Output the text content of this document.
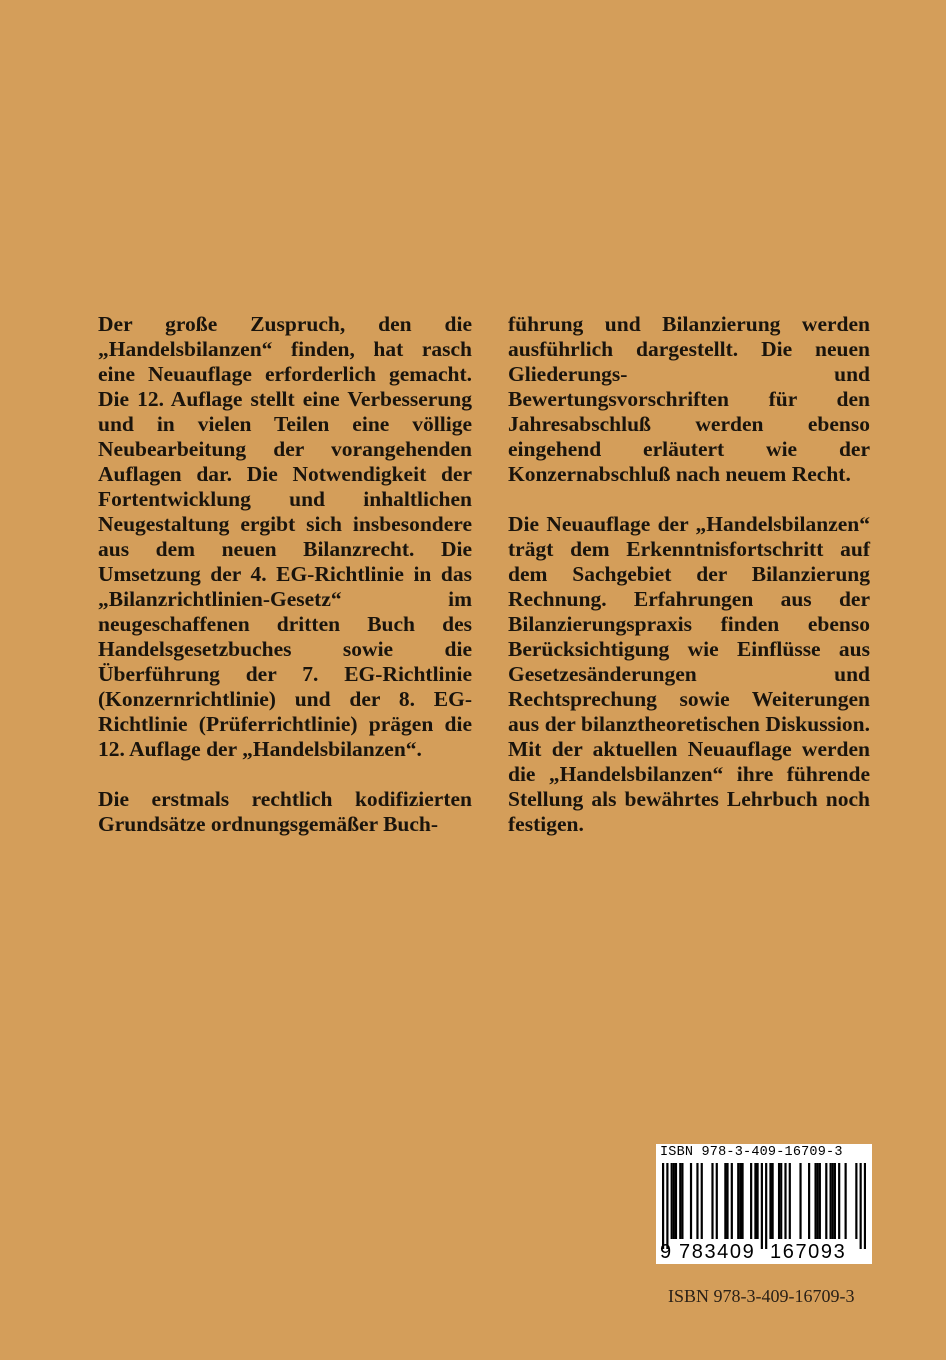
Der große Zuspruch, den die „Handelsbilanzen“ finden, hat rasch eine Neuauflage erforderlich gemacht. Die 12. Auflage stellt eine Verbesserung und in vielen Teilen eine völlige Neubearbeitung der vorangehenden Auflagen dar. Die Notwendigkeit der Fortentwicklung und inhaltlichen Neugestaltung ergibt sich insbesondere aus dem neuen Bilanzrecht. Die Umsetzung der 4. EG-Richtlinie in das „Bilanzrichtlinien-Gesetz“ im neugeschaffenen dritten Buch des Handelsgesetzbuches sowie die Überführung der 7. EG-Richtlinie (Konzernrichtlinie) und der 8. EG-Richtlinie (Prüferrichtlinie) prägen die 12. Auflage der „Handelsbilanzen“.

Die erstmals rechtlich kodifizierten Grundsätze ordnungsgemäßer Buch-

führung und Bilanzierung werden ausführlich dargestellt. Die neuen Gliederungs- und Bewertungsvorschriften für den Jahresabschluß werden ebenso eingehend erläutert wie der Konzernabschluß nach neuem Recht.

Die Neuauflage der „Handelsbilanzen“ trägt dem Erkenntnisfortschritt auf dem Sachgebiet der Bilanzierung Rechnung. Erfahrungen aus der Bilanzierungspraxis finden ebenso Berücksichtigung wie Einflüsse aus Gesetzesänderungen und Rechtsprechung sowie Weiterungen aus der bilanztheoretischen Diskussion. Mit der aktuellen Neuauflage werden die „Handelsbilanzen“ ihre führende Stellung als bewährtes Lehrbuch noch festigen.

ISBN 978-3-409-16709-3
9 783409 167093
ISBN 978-3-409-16709-3
